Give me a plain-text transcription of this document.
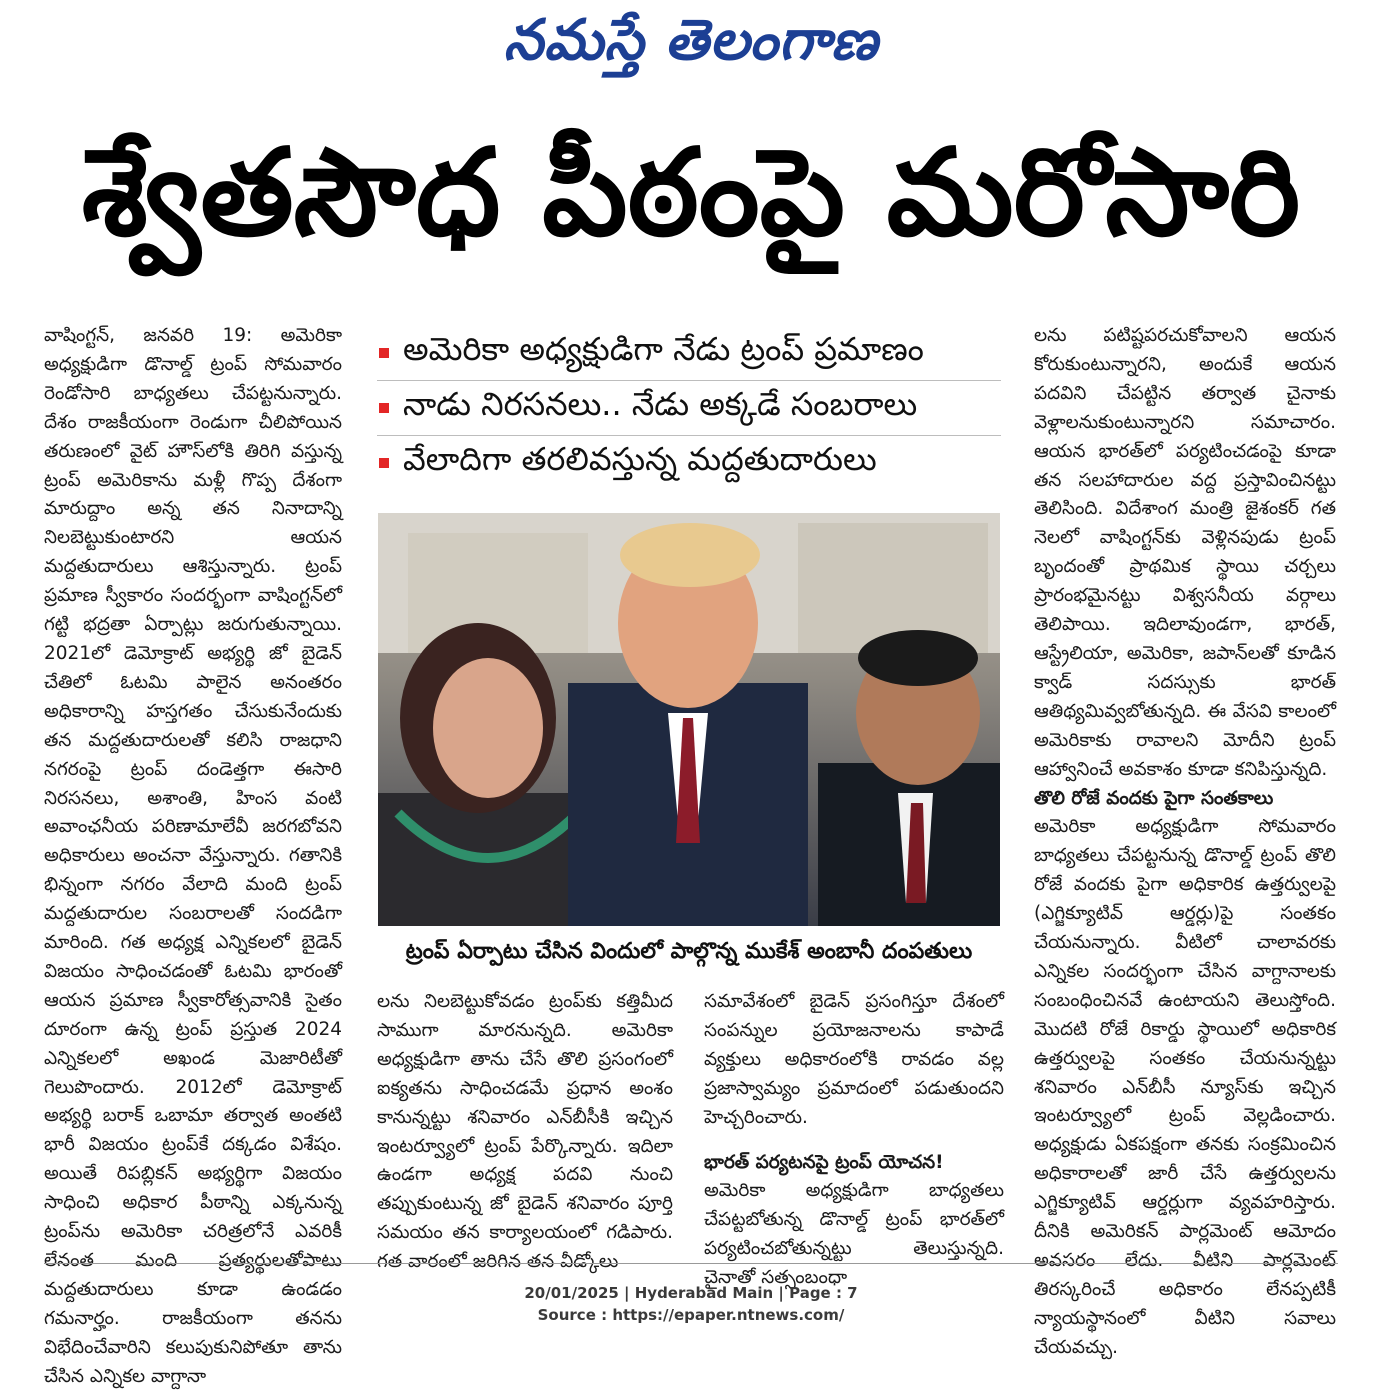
నమస్తే తెలంగాణ
శ్వేతసౌధ పీఠంపై మరోసారి

వాషింగ్టన్, జనవరి 19: అమెరికా అధ్యక్షుడిగా డొనాల్డ్ ట్రంప్ సోమవారం రెండోసారి బాధ్యతలు చేపట్టనున్నారు. దేశం రాజకీయంగా రెండుగా చీలిపోయిన తరుణంలో వైట్ హౌస్‌లోకి తిరిగి వస్తున్న ట్రంప్ అమెరికాను మళ్లీ గొప్ప దేశంగా మారుద్దాం అన్న తన నినాదాన్ని నిలబెట్టుకుంటారని ఆయన మద్దతుదారులు ఆశిస్తున్నారు. ట్రంప్ ప్రమాణ స్వీకారం సందర్భంగా వాషింగ్టన్‌లో గట్టి భద్రతా ఏర్పాట్లు జరుగుతున్నాయి. 2021లో డెమోక్రాట్ అభ్యర్థి జో బైడెన్ చేతిలో ఓటమి పాలైన అనంతరం అధికారాన్ని హస్తగతం చేసుకునేందుకు తన మద్దతుదారులతో కలిసి రాజధాని నగరంపై ట్రంప్ దండెత్తగా ఈసారి నిరసనలు, అశాంతి, హింస వంటి అవాంఛనీయ పరిణామాలేవీ జరగబోవని అధికారులు అంచనా వేస్తున్నారు. గతానికి భిన్నంగా నగరం వేలాది మంది ట్రంప్ మద్దతుదారుల సంబరాలతో సందడిగా మారింది. గత అధ్యక్ష ఎన్నికలలో బైడెన్ విజయం సాధించడంతో ఓటమి భారంతో ఆయన ప్రమాణ స్వీకారోత్సవానికి సైతం దూరంగా ఉన్న ట్రంప్ ప్రస్తుత 2024 ఎన్నికలలో అఖండ మెజారిటీతో గెలుపొందారు. 2012లో డెమోక్రాట్ అభ్యర్థి బరాక్ ఒబామా తర్వాత అంతటి భారీ విజయం ట్రంప్‌కే దక్కడం విశేషం. అయితే రిపబ్లికన్ అభ్యర్థిగా విజయం సాధించి అధికార పీఠాన్ని ఎక్కనున్న ట్రంప్‌ను అమెరికా చరిత్రలోనే ఎవరికీ లేనంత మంది ప్రత్యర్థులతోపాటు మద్దతుదారులు కూడా ఉండడం గమనార్హం. రాజకీయంగా తనను విభేదించేవారిని కలుపుకునిపోతూ తాను చేసిన ఎన్నికల వాగ్దానా

అమెరికా అధ్యక్షుడిగా నేడు ట్రంప్ ప్రమాణం
నాడు నిరసనలు.. నేడు అక్కడే సంబరాలు
వేలాదిగా తరలివస్తున్న మద్దతుదారులు
ట్రంప్ ఏర్పాటు చేసిన విందులో పాల్గొన్న ముకేశ్ అంబానీ దంపతులు

లను నిలబెట్టుకోవడం ట్రంప్‌కు కత్తిమీద సాముగా మారనున్నది. అమెరికా అధ్యక్షుడిగా తాను చేసే తొలి ప్రసంగంలో ఐక్యతను సాధించడమే ప్రధాన అంశం కానున్నట్టు శనివారం ఎన్‌బీసీకి ఇచ్చిన ఇంటర్వ్యూలో ట్రంప్ పేర్కొన్నారు. ఇదిలా ఉండగా అధ్యక్ష పదవి నుంచి తప్పుకుంటున్న జో బైడెన్ శనివారం పూర్తి సమయం తన కార్యాలయంలో గడిపారు. గత వారంలో జరిగిన తన వీడ్కోలు

సమావేశంలో బైడెన్ ప్రసంగిస్తూ దేశంలో సంపన్నుల ప్రయోజనాలను కాపాడే వ్యక్తులు అధికారంలోకి రావడం వల్ల ప్రజాస్వామ్యం ప్రమాదంలో పడుతుందని హెచ్చరించారు.

భారత్ పర్యటనపై ట్రంప్ యోచన!

అమెరికా అధ్యక్షుడిగా బాధ్యతలు చేపట్టబోతున్న డొనాల్డ్ ట్రంప్ భారత్‌లో పర్యటించబోతున్నట్టు తెలుస్తున్నది. చైనాతో సత్సంబంధా

లను పటిష్టపరచుకోవాలని ఆయన కోరుకుంటున్నారని, అందుకే ఆయన పదవిని చేపట్టిన తర్వాత చైనాకు వెళ్లాలనుకుంటున్నారని సమాచారం. ఆయన భారత్‌లో పర్యటించడంపై కూడా తన సలహాదారుల వద్ద ప్రస్తావించినట్టు తెలిసింది. విదేశాంగ మంత్రి జైశంకర్ గత నెలలో వాషింగ్టన్‌కు వెళ్లినపుడు ట్రంప్ బృందంతో ప్రాథమిక స్థాయి చర్చలు ప్రారంభమైనట్టు విశ్వసనీయ వర్గాలు తెలిపాయి. ఇదిలావుండగా, భారత్, ఆస్ట్రేలియా, అమెరికా, జపాన్‌లతో కూడిన క్వాడ్ సదస్సుకు భారత్ ఆతిథ్యమివ్వబోతున్నది. ఈ వేసవి కాలంలో అమెరికాకు రావాలని మోదీని ట్రంప్ ఆహ్వానించే అవకాశం కూడా కనిపిస్తున్నది.

తొలి రోజే వందకు పైగా సంతకాలు

అమెరికా అధ్యక్షుడిగా సోమవారం బాధ్యతలు చేపట్టనున్న డొనాల్డ్ ట్రంప్ తొలి రోజే వందకు పైగా అధికారిక ఉత్తర్వులపై (ఎగ్జిక్యూటివ్ ఆర్డర్లు)పై సంతకం చేయనున్నారు. వీటిలో చాలావరకు ఎన్నికల సందర్భంగా చేసిన వాగ్దానాలకు సంబంధించినవే ఉంటాయని తెలుస్తోంది. మొదటి రోజే రికార్డు స్థాయిలో అధికారిక ఉత్తర్వులపై సంతకం చేయనున్నట్టు శనివారం ఎన్‌బీసీ న్యూస్‌కు ఇచ్చిన ఇంటర్వ్యూలో ట్రంప్ వెల్లడించారు. అధ్యక్షుడు ఏకపక్షంగా తనకు సంక్రమించిన అధికారాలతో జారీ చేసే ఉత్తర్వులను ఎగ్జిక్యూటివ్ ఆర్డర్లుగా వ్యవహరిస్తారు. దీనికి అమెరికన్ పార్లమెంట్ ఆమోదం అవసరం లేదు. వీటిని పార్లమెంట్ తిరస్కరించే అధికారం లేనప్పటికీ న్యాయస్థానంలో వీటిని సవాలు చేయవచ్చు.

20/01/2025 | Hyderabad Main | Page : 7
Source : https://epaper.ntnews.com/
